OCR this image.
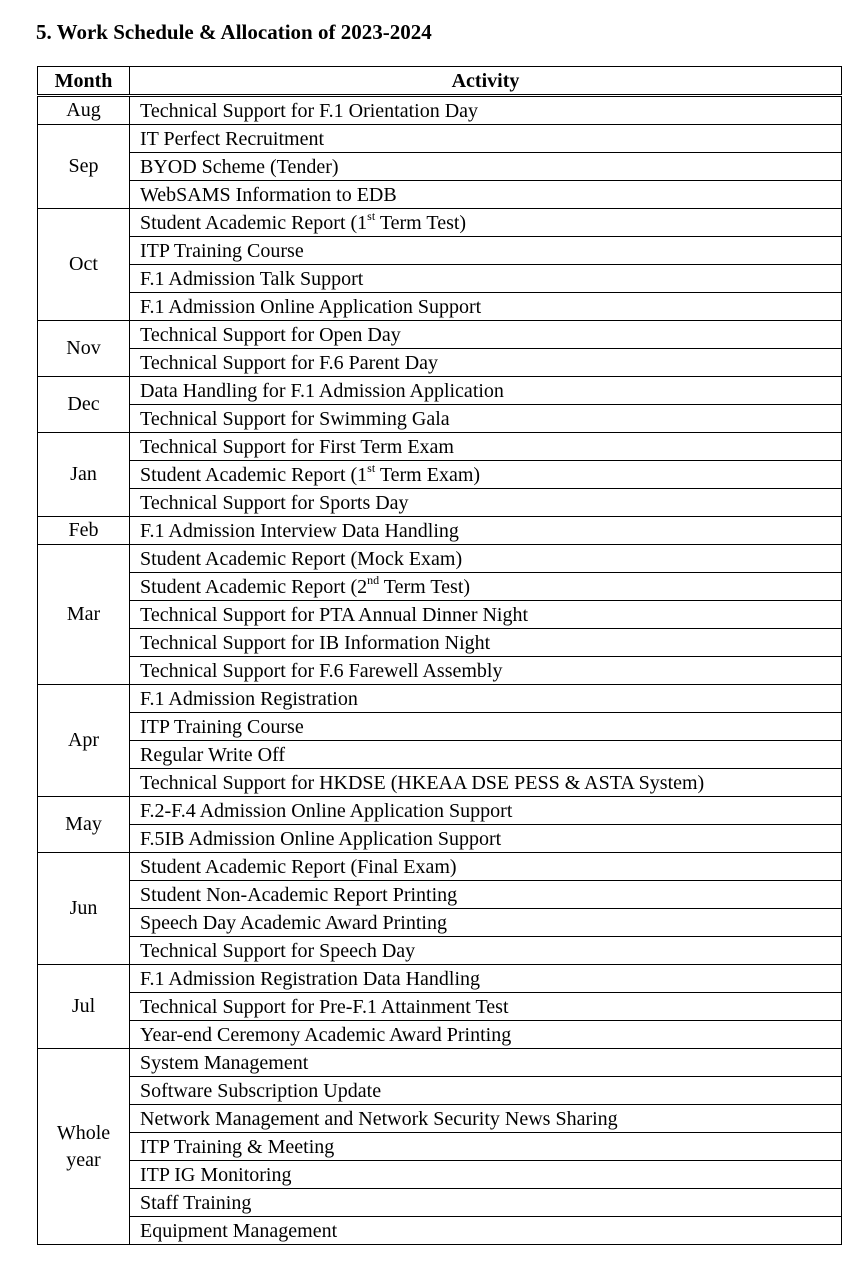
5. Work Schedule & Allocation of 2023-2024
Month	Activity
Aug	Technical Support for F.1 Orientation Day
Sep	IT Perfect Recruitment
	BYOD Scheme (Tender)
	WebSAMS Information to EDB
Oct	Student Academic Report (1st Term Test)
	ITP Training Course
	F.1 Admission Talk Support
	F.1 Admission Online Application Support
Nov	Technical Support for Open Day
	Technical Support for F.6 Parent Day
Dec	Data Handling for F.1 Admission Application
	Technical Support for Swimming Gala
Jan	Technical Support for First Term Exam
	Student Academic Report (1st Term Exam)
	Technical Support for Sports Day
Feb	F.1 Admission Interview Data Handling
Mar	Student Academic Report (Mock Exam)
	Student Academic Report (2nd Term Test)
	Technical Support for PTA Annual Dinner Night
	Technical Support for IB Information Night
	Technical Support for F.6 Farewell Assembly
Apr	F.1 Admission Registration
	ITP Training Course
	Regular Write Off
	Technical Support for HKDSE (HKEAA DSE PESS & ASTA System)
May	F.2-F.4 Admission Online Application Support
	F.5IB Admission Online Application Support
Jun	Student Academic Report (Final Exam)
	Student Non-Academic Report Printing
	Speech Day Academic Award Printing
	Technical Support for Speech Day
Jul	F.1 Admission Registration Data Handling
	Technical Support for Pre-F.1 Attainment Test
	Year-end Ceremony Academic Award Printing
Whole year	System Management
	Software Subscription Update
	Network Management and Network Security News Sharing
	ITP Training & Meeting
	ITP IG Monitoring
	Staff Training
	Equipment Management
